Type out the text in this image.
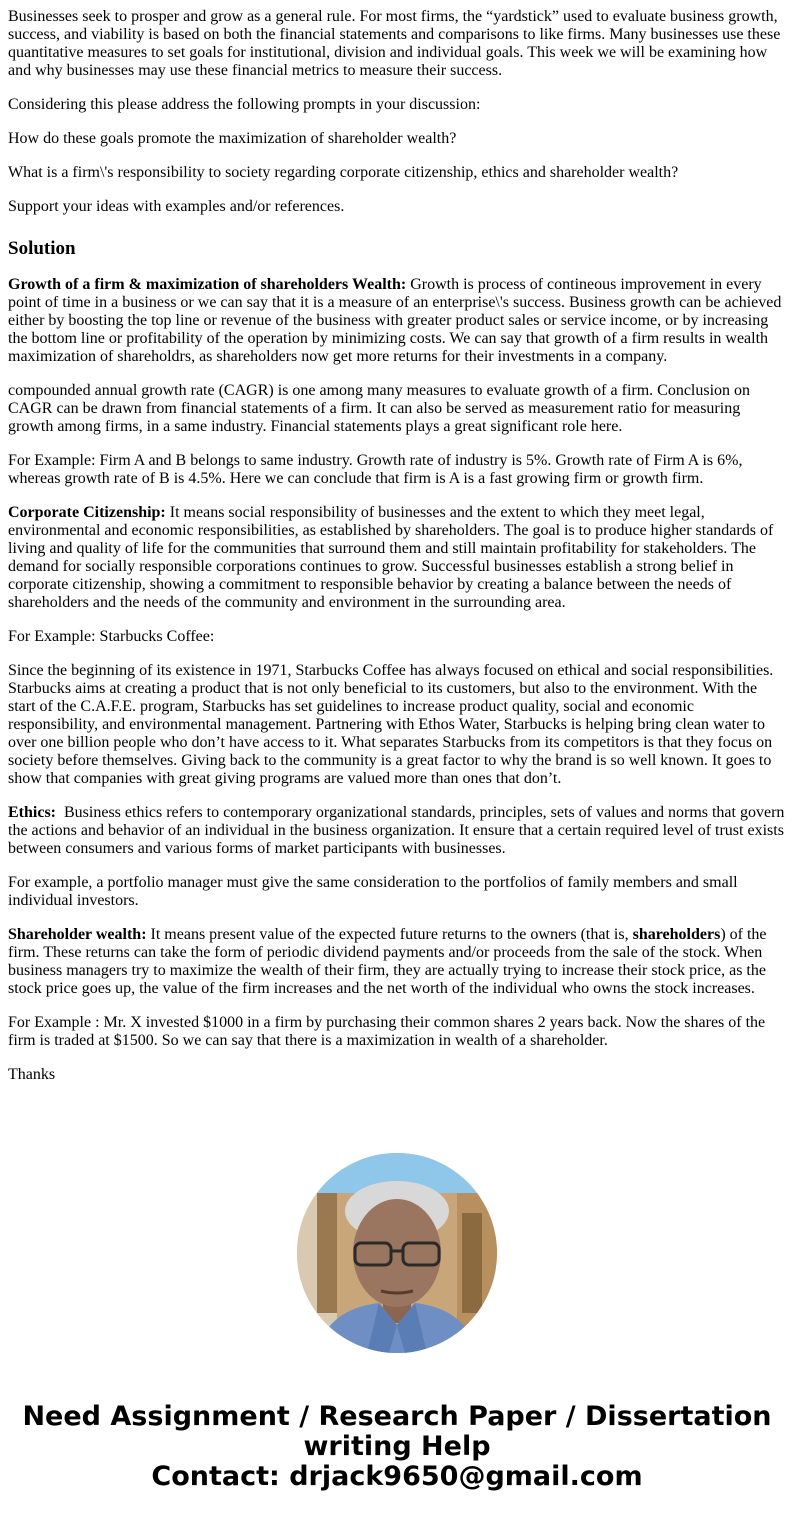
Businesses seek to prosper and grow as a general rule. For most firms, the “yardstick” used to evaluate business growth, success, and viability is based on both the financial statements and comparisons to like firms. Many businesses use these quantitative measures to set goals for institutional, division and individual goals. This week we will be examining how and why businesses may use these financial metrics to measure their success.

Considering this please address the following prompts in your discussion:

How do these goals promote the maximization of shareholder wealth?

What is a firm\'s responsibility to society regarding corporate citizenship, ethics and shareholder wealth?

Support your ideas with examples and/or references.

Solution

Growth of a firm & maximization of shareholders Wealth: Growth is process of contineous improvement in every point of time in a business or we can say that it is a measure of an enterprise\'s success. Business growth can be achieved either by boosting the top line or revenue of the business with greater product sales or service income, or by increasing the bottom line or profitability of the operation by minimizing costs. We can say that growth of a firm results in wealth maximization of shareholdrs, as shareholders now get more returns for their investments in a company.

compounded annual growth rate (CAGR) is one among many measures to evaluate growth of a firm. Conclusion on CAGR can be drawn from financial statements of a firm. It can also be served as measurement ratio for measuring growth among firms, in a same industry. Financial statements plays a great significant role here.

For Example: Firm A and B belongs to same industry. Growth rate of industry is 5%. Growth rate of Firm A is 6%, whereas growth rate of B is 4.5%. Here we can conclude that firm is A is a fast growing firm or growth firm.

Corporate Citizenship: It means social responsibility of businesses and the extent to which they meet legal, environmental and economic responsibilities, as established by shareholders. The goal is to produce higher standards of living and quality of life for the communities that surround them and still maintain profitability for stakeholders. The demand for socially responsible corporations continues to grow. Successful businesses establish a strong belief in corporate citizenship, showing a commitment to responsible behavior by creating a balance between the needs of shareholders and the needs of the community and environment in the surrounding area.

For Example: Starbucks Coffee:

Since the beginning of its existence in 1971, Starbucks Coffee has always focused on ethical and social responsibilities. Starbucks aims at creating a product that is not only beneficial to its customers, but also to the environment. With the start of the C.A.F.E. program, Starbucks has set guidelines to increase product quality, social and economic responsibility, and environmental management. Partnering with Ethos Water, Starbucks is helping bring clean water to over one billion people who don’t have access to it. What separates Starbucks from its competitors is that they focus on society before themselves. Giving back to the community is a great factor to why the brand is so well known. It goes to show that companies with great giving programs are valued more than ones that don’t.

Ethics:  Business ethics refers to contemporary organizational standards, principles, sets of values and norms that govern the actions and behavior of an individual in the business organization. It ensure that a certain required level of trust exists between consumers and various forms of market participants with businesses.

For example, a portfolio manager must give the same consideration to the portfolios of family members and small individual investors.

Shareholder wealth: It means present value of the expected future returns to the owners (that is, shareholders) of the firm. These returns can take the form of periodic dividend payments and/or proceeds from the sale of the stock. When business managers try to maximize the wealth of their firm, they are actually trying to increase their stock price, as the stock price goes up, the value of the firm increases and the net worth of the individual who owns the stock increases.

For Example : Mr. X invested $1000 in a firm by purchasing their common shares 2 years back. Now the shares of the firm is traded at $1500. So we can say that there is a maximization in wealth of a shareholder.

Thanks

Need Assignment / Research Paper / Dissertation
writing Help
Contact: drjack9650@gmail.com
